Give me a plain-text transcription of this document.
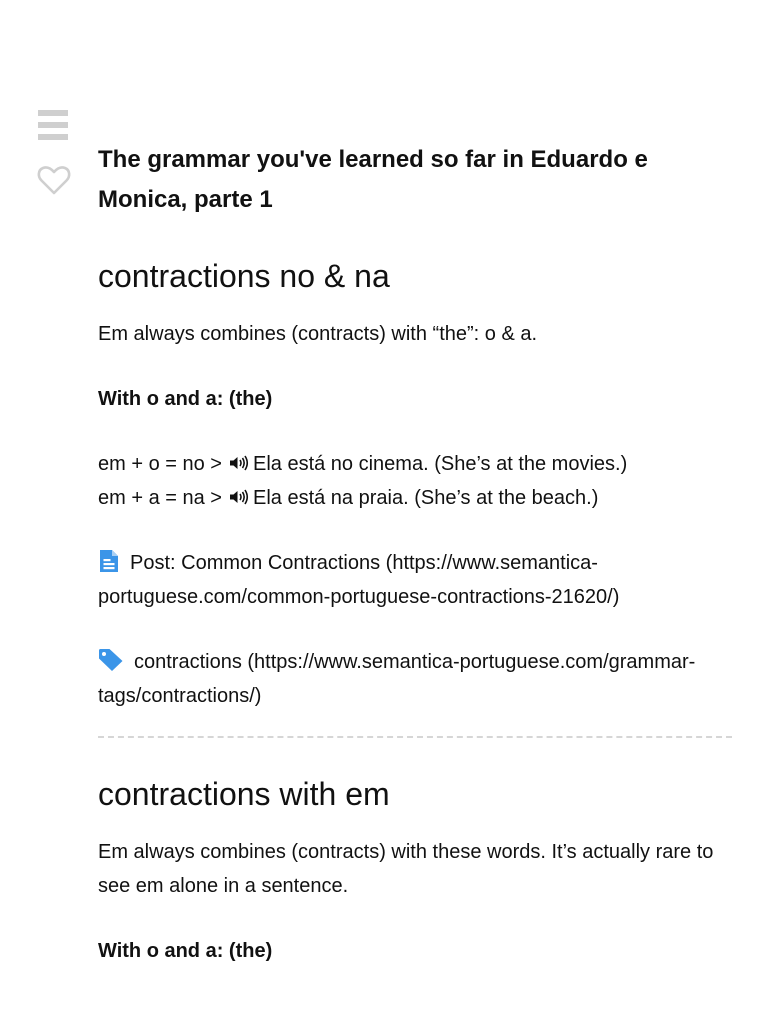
The grammar you've learned so far in Eduardo e Monica, parte 1
contractions no & na

Em always combines (contracts) with “the”: o & a.

With o and a: (the)

em + o = no > Ela está no cinema. (She’s at the movies.)
em + a = na > Ela está na praia. (She’s at the beach.)

Post: Common Contractions (https://www.semantica-portuguese.com/common-portuguese-contractions-21620/)

contractions (https://www.semantica-portuguese.com/grammar-tags/contractions/)

contractions with em

Em always combines (contracts) with these words. It’s actually rare to see em alone in a sentence.

With o and a: (the)
